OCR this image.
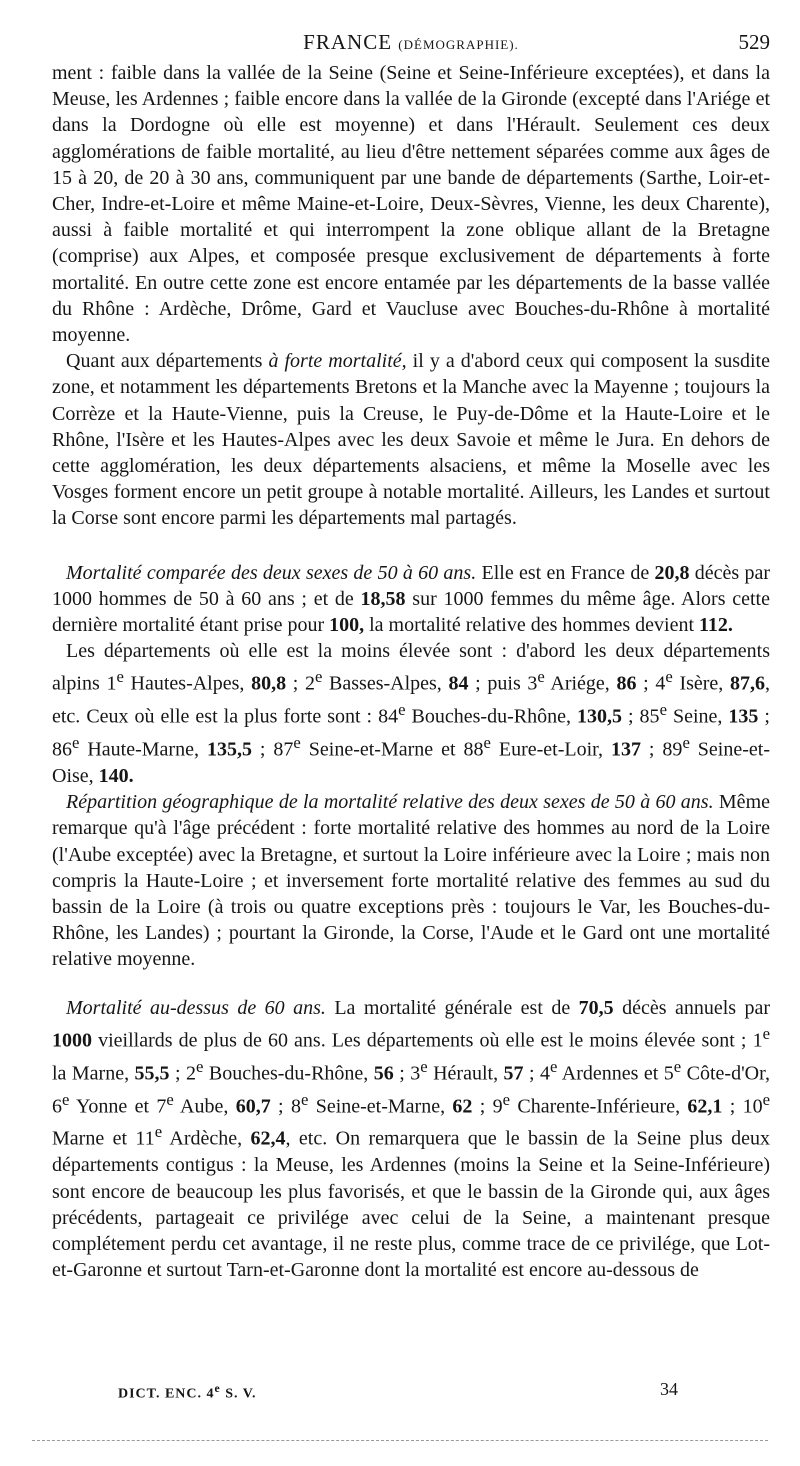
FRANCE (DÉMOGRAPHIE).	529

ment : faible dans la vallée de la Seine (Seine et Seine-Inférieure exceptées), et dans la Meuse, les Ardennes ; faible encore dans la vallée de la Gironde (excepté dans l'Ariége et dans la Dordogne où elle est moyenne) et dans l'Hérault. Seulement ces deux agglomérations de faible mortalité, au lieu d'être nettement séparées comme aux âges de 15 à 20, de 20 à 30 ans, communiquent par une bande de départements (Sarthe, Loir-et-Cher, Indre-et-Loire et même Maine-et-Loire, Deux-Sèvres, Vienne, les deux Charente), aussi à faible mortalité et qui interrompent la zone oblique allant de la Bretagne (comprise) aux Alpes, et composée presque exclusivement de départements à forte mortalité. En outre cette zone est encore entamée par les départements de la basse vallée du Rhône : Ardèche, Drôme, Gard et Vaucluse avec Bouches-du-Rhône à mortalité moyenne.

Quant aux départements à forte mortalité, il y a d'abord ceux qui composent la susdite zone, et notamment les départements Bretons et la Manche avec la Mayenne ; toujours la Corrèze et la Haute-Vienne, puis la Creuse, le Puy-de-Dôme et la Haute-Loire et le Rhône, l'Isère et les Hautes-Alpes avec les deux Savoie et même le Jura. En dehors de cette agglomération, les deux départements alsaciens, et même la Moselle avec les Vosges forment encore un petit groupe à notable mortalité. Ailleurs, les Landes et surtout la Corse sont encore parmi les départements mal partagés.

Mortalité comparée des deux sexes de 50 à 60 ans. Elle est en France de 20,8 décès par 1000 hommes de 50 à 60 ans ; et de 18,58 sur 1000 femmes du même âge. Alors cette dernière mortalité étant prise pour 100, la mortalité relative des hommes devient 112.

Les départements où elle est la moins élevée sont : d'abord les deux départements alpins 1e Hautes-Alpes, 80,8 ; 2e Basses-Alpes, 84 ; puis 3e Ariége, 86 ; 4e Isère, 87,6, etc. Ceux où elle est la plus forte sont : 84e Bouches-du-Rhône, 130,5 ; 85e Seine, 135 ; 86e Haute-Marne, 135,5 ; 87e Seine-et-Marne et 88e Eure-et-Loir, 137 ; 89e Seine-et-Oise, 140.

Répartition géographique de la mortalité relative des deux sexes de 50 à 60 ans. Même remarque qu'à l'âge précédent : forte mortalité relative des hommes au nord de la Loire (l'Aube exceptée) avec la Bretagne, et surtout la Loire inférieure avec la Loire ; mais non compris la Haute-Loire ; et inversement forte mortalité relative des femmes au sud du bassin de la Loire (à trois ou quatre exceptions près : toujours le Var, les Bouches-du-Rhône, les Landes) ; pourtant la Gironde, la Corse, l'Aude et le Gard ont une mortalité relative moyenne.

Mortalité au-dessus de 60 ans. La mortalité générale est de 70,5 décès annuels par 1000 vieillards de plus de 60 ans. Les départements où elle est le moins élevée sont ; 1e la Marne, 55,5 ; 2e Bouches-du-Rhône, 56 ; 3e Hérault, 57 ; 4e Ardennes et 5e Côte-d'Or, 6e Yonne et 7e Aube, 60,7 ; 8e Seine-et-Marne, 62 ; 9e Charente-Inférieure, 62,1 ; 10e Marne et 11e Ardèche, 62,4, etc. On remarquera que le bassin de la Seine plus deux départements contigus : la Meuse, les Ardennes (moins la Seine et la Seine-Inférieure) sont encore de beaucoup les plus favorisés, et que le bassin de la Gironde qui, aux âges précédents, partageait ce privilége avec celui de la Seine, a maintenant presque complétement perdu cet avantage, il ne reste plus, comme trace de ce privilége, que Lot-et-Garonne et surtout Tarn-et-Garonne dont la mortalité est encore au-dessous de

DICT. ENC. 4e S. V.	34
